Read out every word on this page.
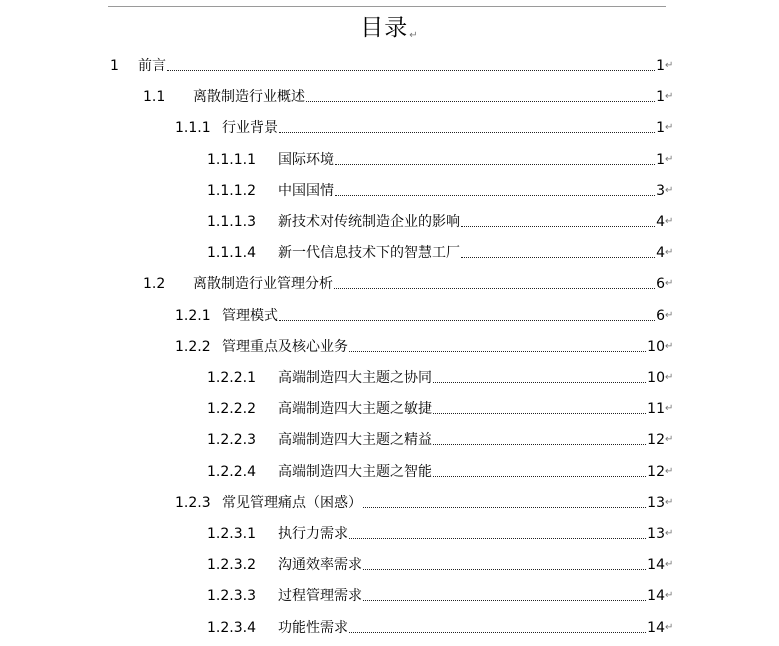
目录↵
1 前言	1 ↵
1.1 离散制造行业概述	1 ↵
1.1.1 行业背景	1 ↵
1.1.1.1 国际环境	1 ↵
1.1.1.2 中国国情	3 ↵
1.1.1.3 新技术对传统制造企业的影响	4 ↵
1.1.1.4 新一代信息技术下的智慧工厂	4 ↵
1.2 离散制造行业管理分析	6 ↵
1.2.1 管理模式	6 ↵
1.2.2 管理重点及核心业务	10 ↵
1.2.2.1 高端制造四大主题之协同	10 ↵
1.2.2.2 高端制造四大主题之敏捷	11 ↵
1.2.2.3 高端制造四大主题之精益	12 ↵
1.2.2.4 高端制造四大主题之智能	12 ↵
1.2.3 常见管理痛点（困惑）	13 ↵
1.2.3.1 执行力需求	13 ↵
1.2.3.2 沟通效率需求	14 ↵
1.2.3.3 过程管理需求	14 ↵
1.2.3.4 功能性需求	14 ↵
